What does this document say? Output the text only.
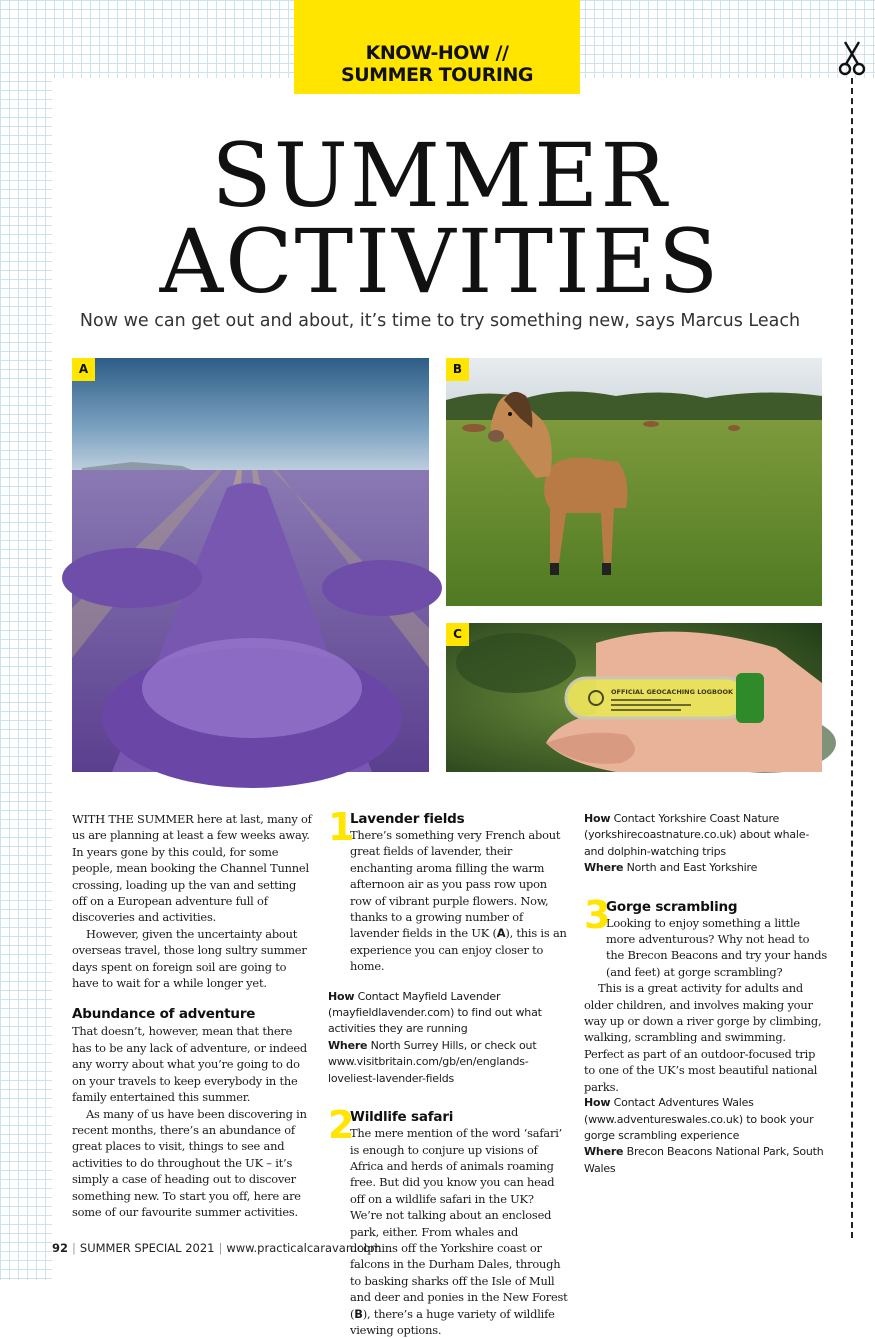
KNOW-HOW //
SUMMER TOURING
SUMMER
ACTIVITIES
Now we can get out and about, it’s time to try something new, says Marcus Leach
A	B
OFFICIAL GEOCACHING LOGBOOK
C

WITH THE SUMMER here at last, many of us are planning at least a few weeks away. In years gone by this could, for some people, mean booking the Channel Tunnel crossing, loading up the van and setting off on a European adventure full of discoveries and activities.

However, given the uncertainty about overseas travel, those long sultry summer days spent on foreign soil are going to have to wait for a while longer yet.

Abundance of adventure

That doesn’t, however, mean that there has to be any lack of adventure, or indeed any worry about what you’re going to do on your travels to keep everybody in the family entertained this summer.

As many of us have been discovering in recent months, there’s an abundance of great places to visit, things to see and activities to do throughout the UK – it’s simply a case of heading out to discover something new. To start you off, here are some of our favourite summer activities.

1
Lavender fields

There’s something very French about great fields of lavender, their enchanting aroma filling the warm afternoon air as you pass row upon row of vibrant purple flowers. Now, thanks to a growing number of lavender fields in the UK (A), this is an experience you can enjoy closer to home.

How Contact Mayfield Lavender (mayfieldlavender.com) to find out what activities they are running
Where North Surrey Hills, or check out www.visitbritain.com/gb/en/englands-loveliest-lavender-fields
2
Wildlife safari

The mere mention of the word ‘safari’ is enough to conjure up visions of Africa and herds of animals roaming free. But did you know you can head off on a wildlife safari in the UK? We’re not talking about an enclosed park, either. From whales and dolphins off the Yorkshire coast or falcons in the Durham Dales, through to basking sharks off the Isle of Mull and deer and ponies in the New Forest (B), there’s a huge variety of wildlife viewing options.

How Contact Yorkshire Coast Nature (yorkshirecoastnature.co.uk) about whale- and dolphin-watching trips
Where North and East Yorkshire
3
Gorge scrambling

Looking to enjoy something a little more adventurous? Why not head to the Brecon Beacons and try your hands (and feet) at gorge scrambling?

This is a great activity for adults and older children, and involves making your way up or down a river gorge by climbing, walking, scrambling and swimming. Perfect as part of an outdoor-focused trip to one of the UK’s most beautiful national parks.

How Contact Adventures Wales (www.adventureswales.co.uk) to book your gorge scrambling experience
Where Brecon Beacons National Park, South Wales
92 | SUMMER SPECIAL 2021 | www.practicalcaravan.com
